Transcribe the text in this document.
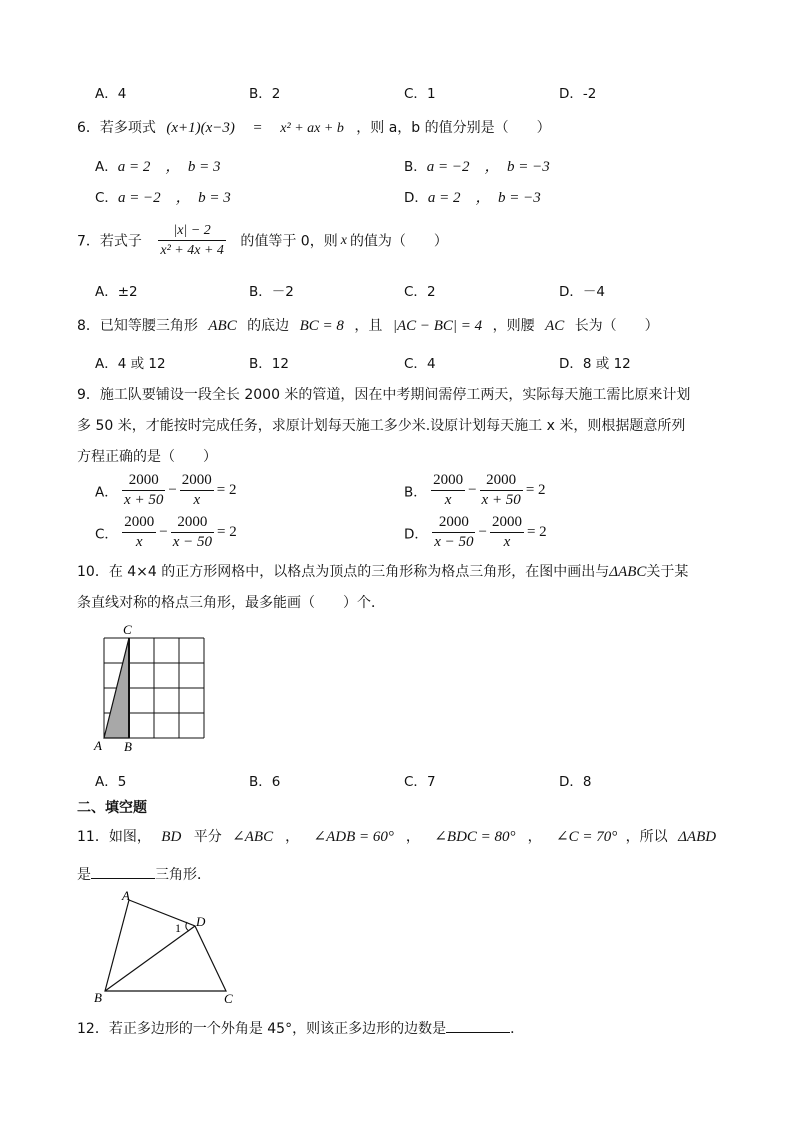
A．4	B．2	C．1	D．-2
6．若多项式 (x+1)(x−3) = x² + ax + b ，则 a，b 的值分别是（　　）
A．a = 2　，　b = 3	B．a = −2　，　b = −3
C．a = −2　，　b = 3	D．a = 2　，　b = −3
7．若式子 $\frac{|x| - 2}{\text{x² + 4x + 4}}$ 的值等于 0，则 x 的值为（　　）
A．±2	B．－2	C．2	D．－4
8．已知等腰三角形 ABC 的底边 BC = 8 ，且 |AC − BC| = 4 ，则腰 AC 长为（　　）
A．4 或 12	B．12	C．4	D．8 或 12
9．施工队要铺设一段全长 2000 米的管道，因在中考期间需停工两天，实际每天施工需比原来计划
多 50 米，才能按时完成任务，求原计划每天施工多少米.设原计划每天施工 x 米，则根据题意所列
方程正确的是（　　）
A． $\frac{2000}{x + 50} - \frac{2000}{x} = 2$	B． $\frac{2000}{x} - \frac{2000}{x + 50} = 2$
C． $\frac{2000}{x} - \frac{2000}{x - 50} = 2$	D． $\frac{2000}{x - 50} - \frac{2000}{x} = 2$
10．在 4×4 的正方形网格中，以格点为顶点的三角形称为格点三角形，在图中画出与ΔABC关于某
条直线对称的格点三角形，最多能画（　　）个．
C
A B
A．5	B．6	C．7	D．8
二、填空题
11．如图， BD 平分 ∠ABC ， ∠ADB = 60° ， ∠BDC = 80° ， ∠C = 70° ，所以 ΔABD
是	三角形．
A
D
1
B	C
12．若正多边形的一个外角是 45°，则该正多边形的边数是	．
